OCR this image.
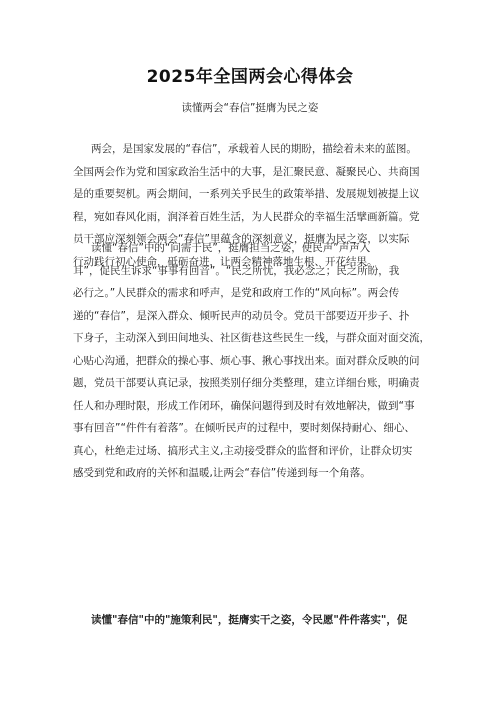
2025年全国两会心得体会
读懂两会“春信”挺膺为民之姿
两会，是国家发展的“春信”，承载着人民的期盼，描绘着未来的蓝图。
全国两会作为党和国家政治生活中的大事，是汇聚民意、凝聚民心、共商国
是的重要契机。两会期间，一系列关乎民生的政策举措、发展规划被提上议
程，宛如春风化雨，润泽着百姓生活，为人民群众的幸福生活擘画新篇。党
员干部应深刻领会两会“春信”里蕴含的深刻意义，挺膺为民之姿，以实际
行动践行初心使命，砥砺奋进，让两会精神落地生根、开花结果。
读懂“春信”中的“问需于民”，挺膺担当之姿，使民声”声声入
耳”，促民生诉求“事事有回音”。“民之所忧，我必念之；民之所盼，我
必行之。”人民群众的需求和呼声，是党和政府工作的“风向标”。两会传
递的“春信”，是深入群众、倾听民声的动员令。党员干部要迈开步子、扑
下身子，主动深入到田间地头、社区街巷这些民生一线，与群众面对面交流，
心贴心沟通，把群众的操心事、烦心事、揪心事找出来。面对群众反映的问
题，党员干部要认真记录，按照类别仔细分类整理，建立详细台账，明确责
任人和办理时限，形成工作闭环，确保问题得到及时有效地解决，做到“事
事有回音”“件件有着落”。在倾听民声的过程中，要时刻保持耐心、细心、
真心，杜绝走过场、搞形式主义,主动接受群众的监督和评价，让群众切实
感受到党和政府的关怀和温暖,让两会“春信”传递到每一个角落。
读懂"春信"中的"施策利民"，挺膺实干之姿，令民愿"件件落实"，促
